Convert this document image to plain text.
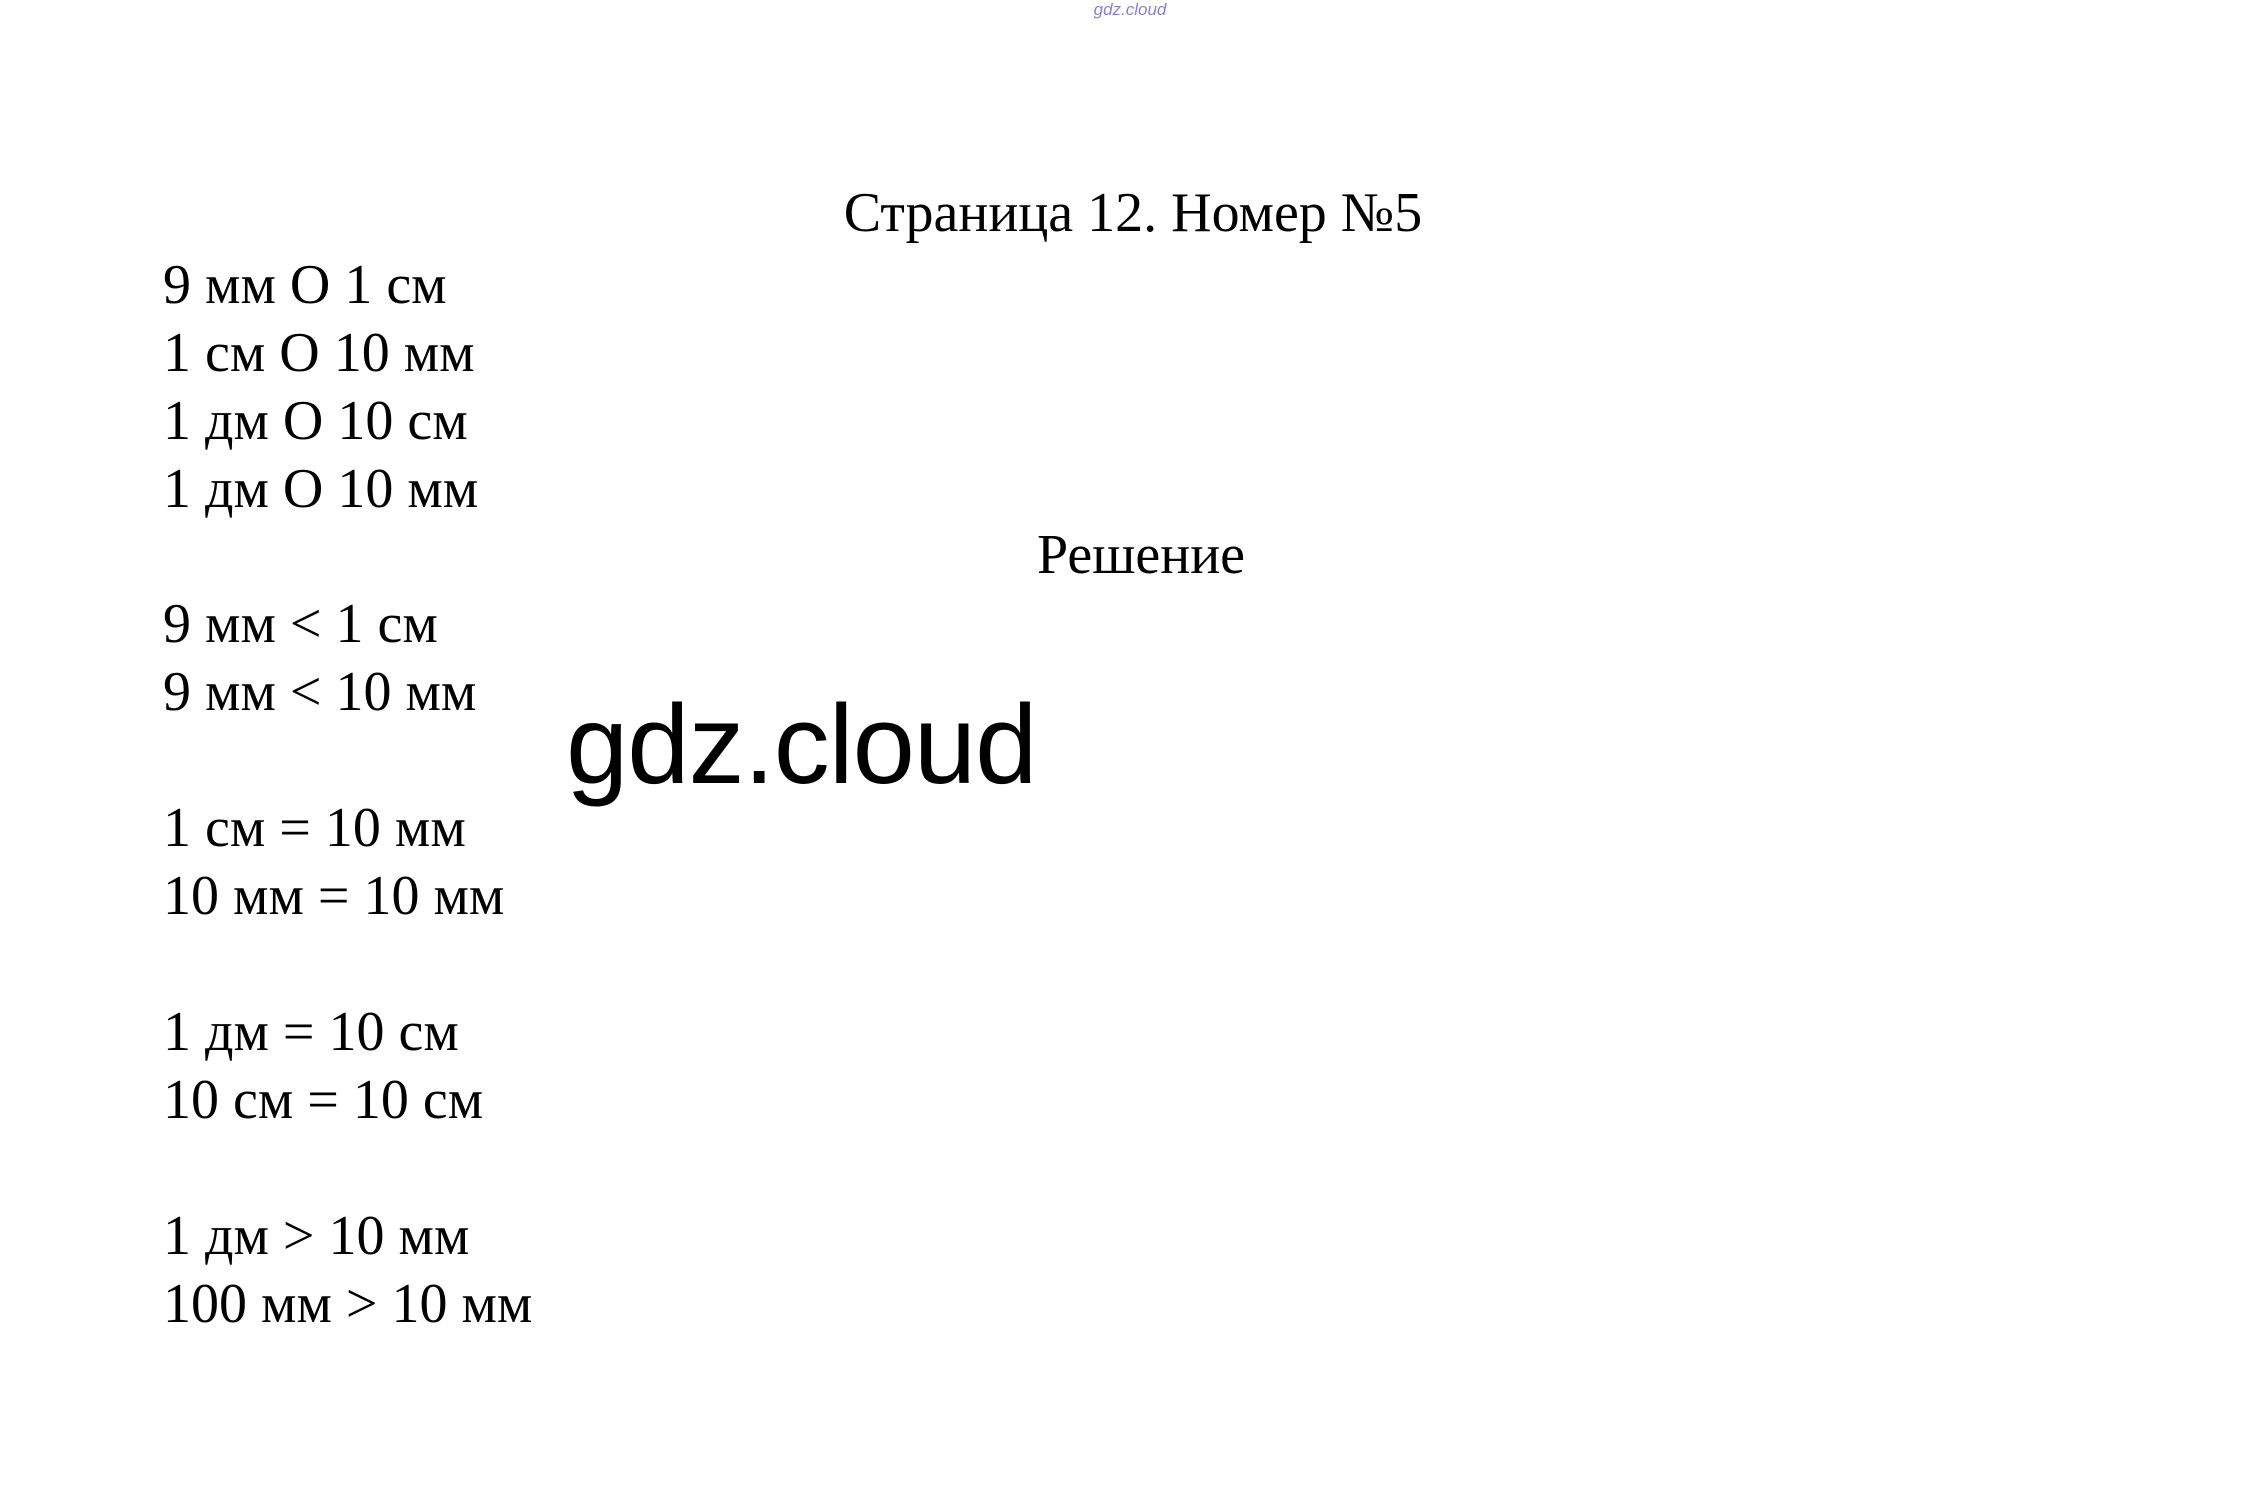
gdz.cloud
Страница 12. Номер №5
9 мм O 1 см
1 см O 10 мм
1 дм O 10 см
1 дм O 10 мм
Решение
9 мм < 1 см
9 мм < 10 мм
1 см = 10 мм
10 мм = 10 мм
1 дм = 10 см
10 см = 10 см
1 дм > 10 мм
100 мм > 10 мм
gdz.cloud
